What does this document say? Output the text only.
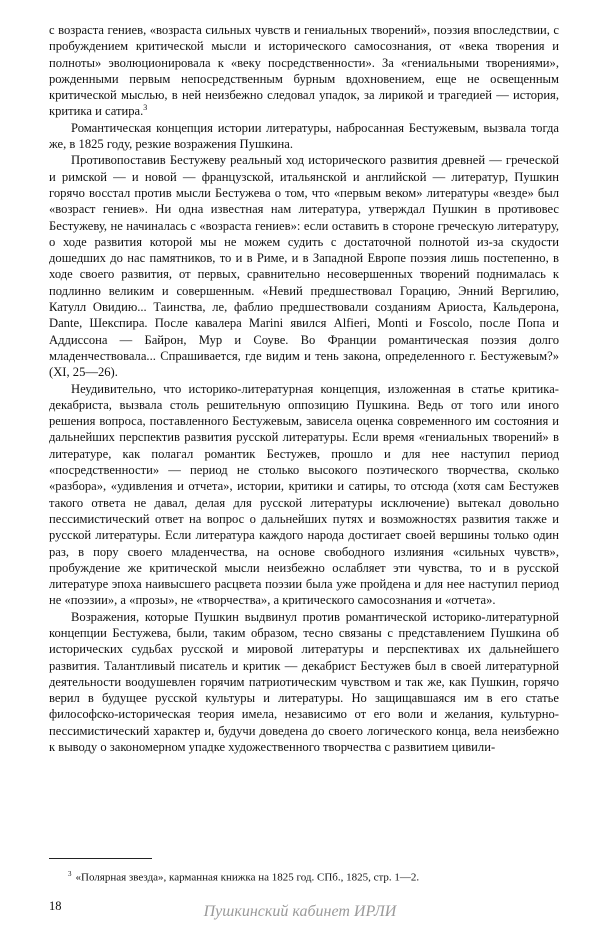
с возраста гениев, «возраста сильных чувств и гениальных творений», поэзия впоследствии, с пробуждением критической мысли и исторического самосознания, от «века творения и полноты» эволюционировала к «веку посредственности». За «гениальными творениями», рожденными первым непосредственным бурным вдохновением, еще не освещенным критической мыслью, в ней неизбежно следовал упадок, за лирикой и трагедией — история, критика и сатира.$^3$

Романтическая концепция истории литературы, набросанная Бестужевым, вызвала тогда же, в 1825 году, резкие возражения Пушкина.

Противопоставив Бестужеву реальный ход исторического развития древней — греческой и римской — и новой — французской, итальянской и английской — литератур, Пушкин горячо восстал против мысли Бестужева о том, что «первым веком» литературы «везде» был «возраст гениев». Ни одна известная нам литература, утверждал Пушкин в противовес Бестужеву, не начиналась с «возраста гениев»: если оставить в стороне греческую литературу, о ходе развития которой мы не можем судить с достаточной полнотой из-за скудости дошедших до нас памятников, то и в Риме, и в Западной Европе поэзия лишь постепенно, в ходе своего развития, от первых, сравнительно несовершенных творений поднималась к подлинно великим и совершенным. «Невий предшествовал Горацию, Энний Вергилию, Катулл Овидию... Таинства, ле, фаблио предшествовали созданиям Ариоста, Кальдерона, Dante, Шекспира. После кавалера Marini явился Alfieri, Monti и Foscolo, после Попа и Аддиссона — Байрон, Мур и Соуве. Во Франции романтическая поэзия долго младенчествовала... Спрашивается, где видим и тень закона, определенного г. Бестужевым?» (XI, 25—26).

Неудивительно, что историко-литературная концепция, изложенная в статье критика-декабриста, вызвала столь решительную оппозицию Пушкина. Ведь от того или иного решения вопроса, поставленного Бестужевым, зависела оценка современного им состояния и дальнейших перспектив развития русской литературы. Если время «гениальных творений» в литературе, как полагал романтик Бестужев, прошло и для нее наступил период «посредственности» — период не столько высокого поэтического творчества, сколько «разбора», «удивления и отчета», истории, критики и сатиры, то отсюда (хотя сам Бестужев такого ответа не давал, делая для русской литературы исключение) вытекал довольно пессимистический ответ на вопрос о дальнейших путях и возможностях развития также и русской литературы. Если литература каждого народа достигает своей вершины только один раз, в пору своего младенчества, на основе свободного излияния «сильных чувств», пробуждение же критической мысли неизбежно ослабляет эти чувства, то и в русской литературе эпоха наивысшего расцвета поэзии была уже пройдена и для нее наступил период не «поэзии», а «прозы», не «творчества», а критического самосознания и «отчета».

Возражения, которые Пушкин выдвинул против романтической историко-литературной концепции Бестужева, были, таким образом, тесно связаны с представлением Пушкина об исторических судьбах русской и мировой литературы и перспективах их дальнейшего развития. Талантливый писатель и критик — декабрист Бестужев был в своей литературной деятельности воодушевлен горячим патриотическим чувством и так же, как Пушкин, горячо верил в будущее русской культуры и литературы. Но защищавшаяся им в его статье философско-историческая теория имела, независимо от его воли и желания, культурно-пессимистический характер и, будучи доведена до своего логического конца, вела неизбежно к выводу о закономерном упадке художественного творчества с развитием цивили-

$^3$ «Полярная звезда», карманная книжка на 1825 год. СПб., 1825, стр. 1—2.
18	Пушкинский кабинет ИРЛИ
